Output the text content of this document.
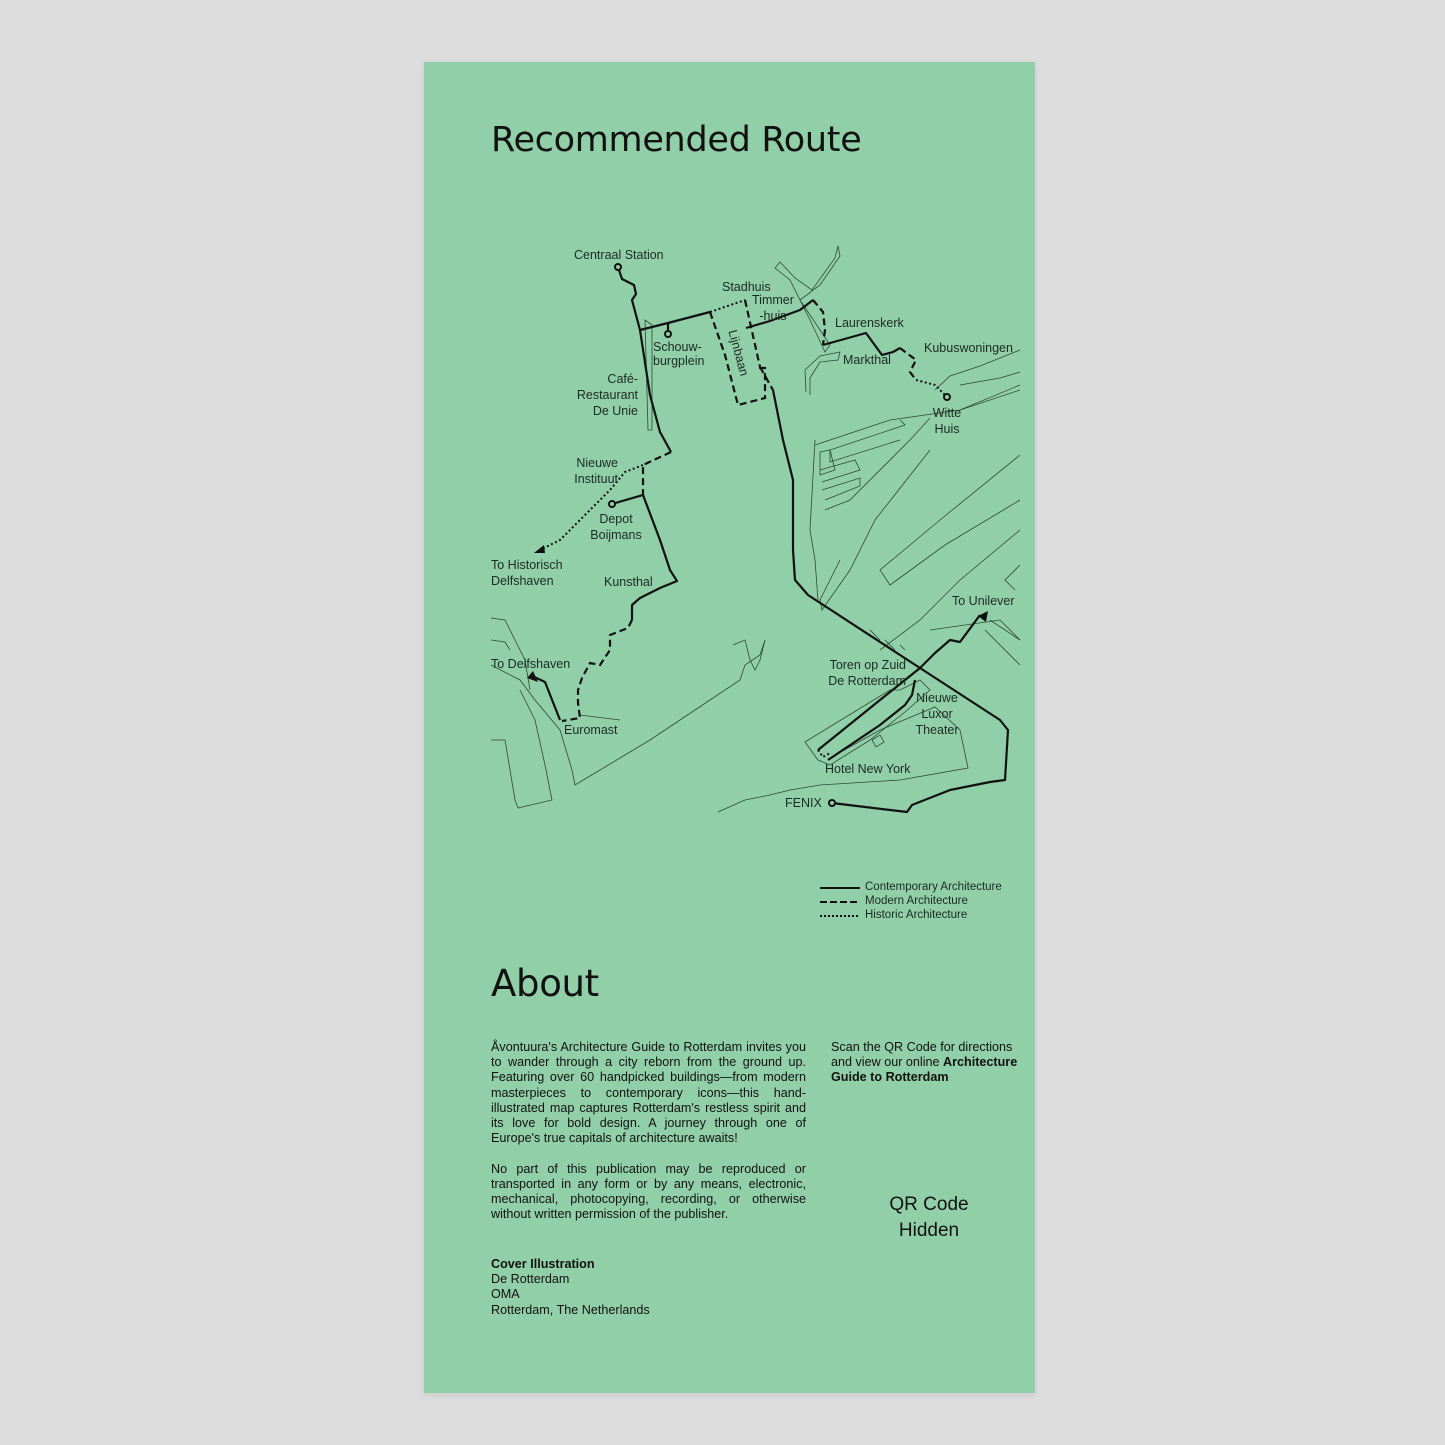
Recommended Route
Centraal Station
Stadhuis
Timmer
-huis	Laurenskerk
Kubuswoningen
Markthal
Schouw-
burgplein Lijnbaan
Café-
Restaurant
De Unie	Witte
Huis
Nieuwe
Instituut
Depot
Boijmans
To Historisch
Delfshaven	Kunsthal
To Unilever
To Delfshaven	Toren op Zuid
De Rotterdam
Nieuwe
Luxor
Theater
Euromast
Hotel New York
FENIX
Contemporary Architecture
Modern Architecture
Historic Architecture
About

Åvontuura's Architecture Guide to Rotterdam invites you to wander through a city reborn from the ground up. Featuring over 60 handpicked buildings—from modern masterpieces to contemporary icons—this hand-illustrated map captures Rotterdam's restless spirit and its love for bold design. A journey through one of Europe's true capitals of architecture awaits!

No part of this publication may be reproduced or transported in any form or by any means, electronic, mechanical, photocopying, recording, or otherwise without written permission of the publisher.

Cover Illustration
De Rotterdam
OMA
Rotterdam, The Netherlands
Scan the QR Code for directions and view our online Architecture Guide to Rotterdam
QR Code
Hidden
